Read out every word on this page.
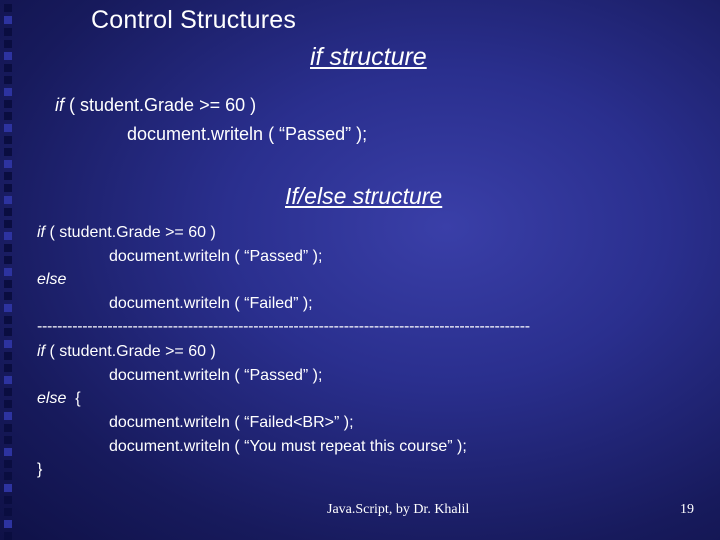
Control Structures
if structure
if ( student.Grade >= 60 )
document.writeln ( “Passed” );
If/else structure
if ( student.Grade >= 60 )
document.writeln ( “Passed” );
else
document.writeln ( “Failed” );
--------------------------------------------------------------------------------------------------
if ( student.Grade >= 60 )
document.writeln ( “Passed” );
else  {
document.writeln ( “Failed<BR>” );
document.writeln ( “You must repeat this course” );
}
Java.Script, by Dr. Khalil	19
